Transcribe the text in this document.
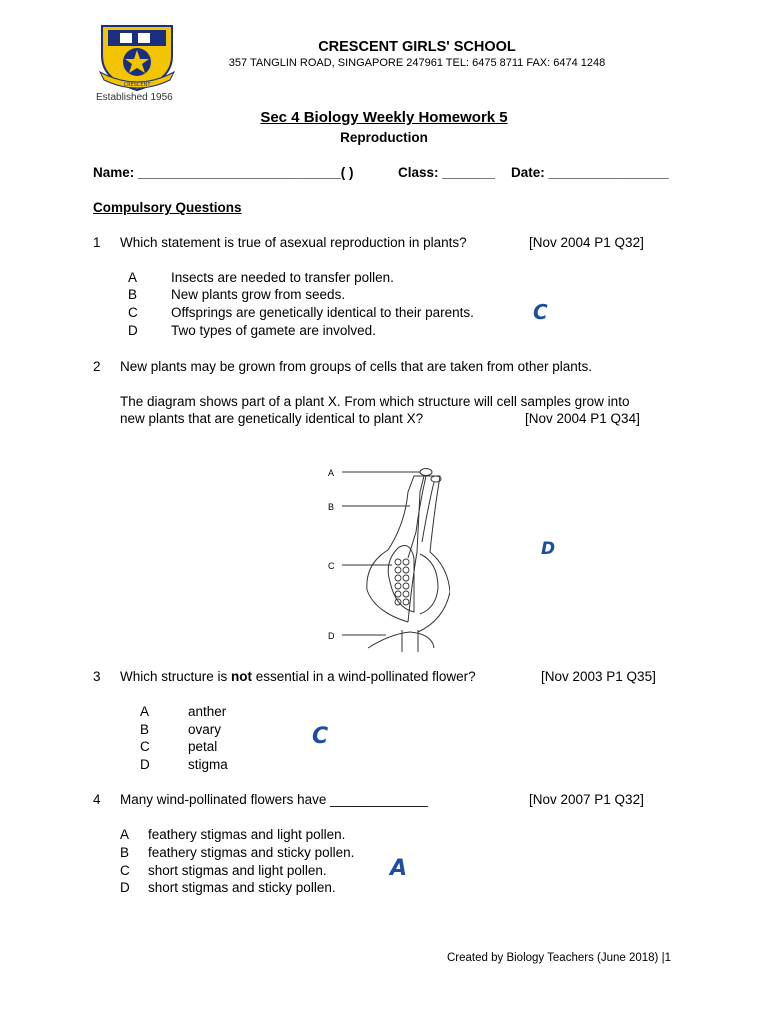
CRESCENT
Established 1956
CRESCENT GIRLS' SCHOOL
357 TANGLIN ROAD, SINGAPORE 247961 TEL: 6475 8711 FAX: 6474 1248
Sec 4 Biology Weekly Homework 5
Reproduction
Name: ___________________________( )	Class: _______ Date: ________________
Compulsory Questions
1 Which statement is true of asexual reproduction in plants?	[Nov 2004 P1 Q32]
A	Insects are needed to transfer pollen.
B	New plants grow from seeds.
C Offsprings are genetically identical to their parents.
D Two types of gamete are involved.
C
2 New plants may be grown from groups of cells that are taken from other plants.
The diagram shows part of a plant X. From which structure will cell samples grow into
new plants that are genetically identical to plant X?	[Nov 2004 P1 Q34]
A
B
C
D
D
3 Which structure is not essential in a wind-pollinated flower?	[Nov 2003 P1 Q35]
A	anther
B	ovary
C	petal
D	stigma
C
4 Many wind-pollinated flowers have _____________	[Nov 2007 P1 Q32]
A feathery stigmas and light pollen.
B feathery stigmas and sticky pollen.
C short stigmas and light pollen.
D short stigmas and sticky pollen.
A
Created by Biology Teachers (June 2018) |1
